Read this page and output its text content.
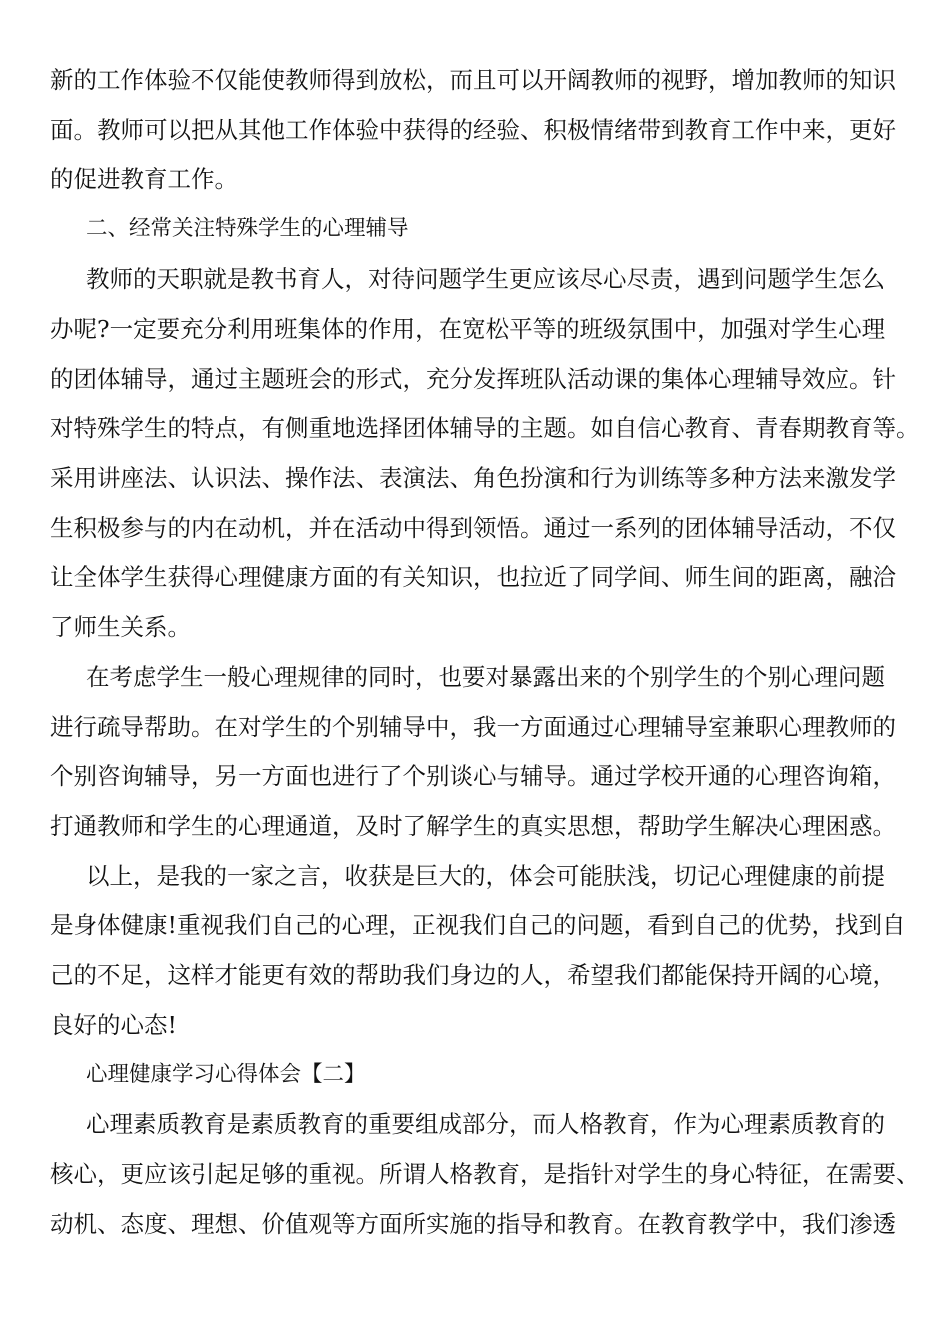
新的工作体验不仅能使教师得到放松，而且可以开阔教师的视野，增加教师的知识
面。教师可以把从其他工作体验中获得的经验、积极情绪带到教育工作中来，更好
的促进教育工作。
二、经常关注特殊学生的心理辅导
教师的天职就是教书育人，对待问题学生更应该尽心尽责，遇到问题学生怎么
办呢?一定要充分利用班集体的作用，在宽松平等的班级氛围中，加强对学生心理
的团体辅导，通过主题班会的形式，充分发挥班队活动课的集体心理辅导效应。针
对特殊学生的特点，有侧重地选择团体辅导的主题。如自信心教育、青春期教育等。
采用讲座法、认识法、操作法、表演法、角色扮演和行为训练等多种方法来激发学
生积极参与的内在动机，并在活动中得到领悟。通过一系列的团体辅导活动，不仅
让全体学生获得心理健康方面的有关知识，也拉近了同学间、师生间的距离，融洽
了师生关系。
在考虑学生一般心理规律的同时，也要对暴露出来的个别学生的个别心理问题
进行疏导帮助。在对学生的个别辅导中，我一方面通过心理辅导室兼职心理教师的
个别咨询辅导，另一方面也进行了个别谈心与辅导。通过学校开通的心理咨询箱，
打通教师和学生的心理通道，及时了解学生的真实思想，帮助学生解决心理困惑。
以上，是我的一家之言，收获是巨大的，体会可能肤浅，切记心理健康的前提
是身体健康!重视我们自己的心理，正视我们自己的问题，看到自己的优势，找到自
己的不足，这样才能更有效的帮助我们身边的人，希望我们都能保持开阔的心境，
良好的心态!
心理健康学习心得体会【二】
心理素质教育是素质教育的重要组成部分，而人格教育，作为心理素质教育的
核心，更应该引起足够的重视。所谓人格教育，是指针对学生的身心特征，在需要、
动机、态度、理想、价值观等方面所实施的指导和教育。在教育教学中，我们渗透
